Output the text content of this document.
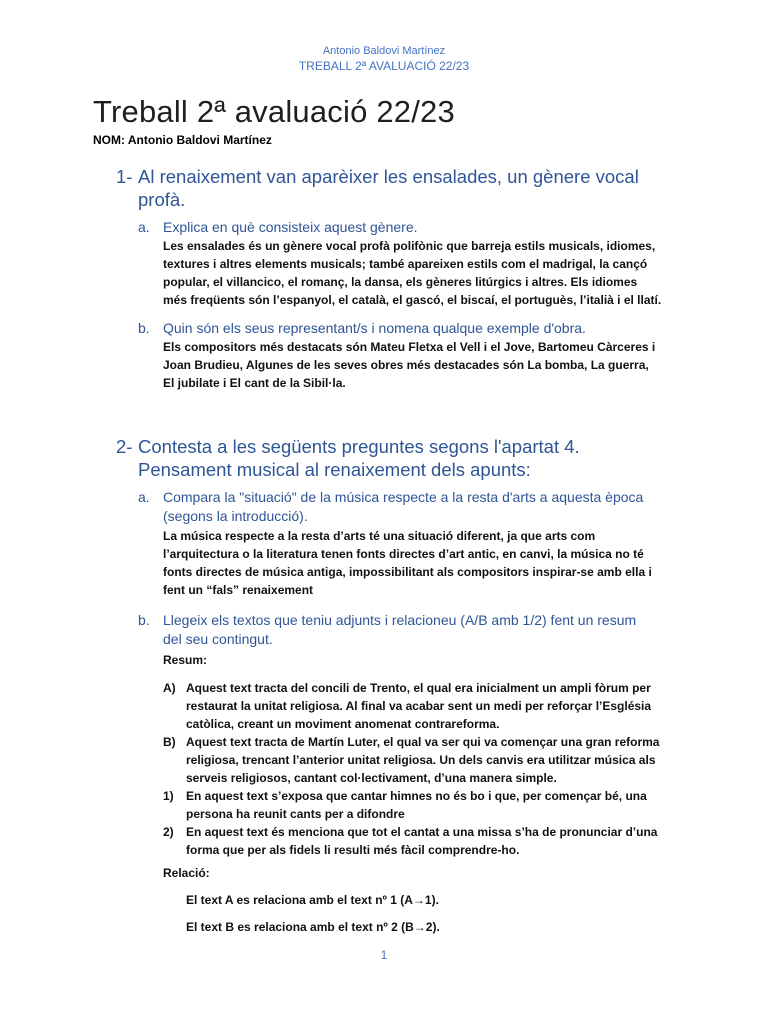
Antonio Baldovi Martínez
TREBALL 2ª AVALUACIÓ 22/23
Treball 2ª avaluació 22/23
NOM: Antonio Baldovi Martínez
1- Al renaixement van aparèixer les ensalades, un gènere vocal profà.
a. Explica en què consisteix aquest gènere.
Les ensalades és un gènere vocal profà polifònic que barreja estils musicals, idiomes, textures i altres elements musicals; també apareixen estils com el madrigal, la cançó popular, el villancico, el romanç, la dansa, els gèneres litúrgics i altres. Els idiomes més freqüents són l’espanyol, el català, el gascó, el biscaí, el portuguès, l’italià i el llatí.
b. Quin són els seus representant/s i nomena qualque exemple d'obra.
Els compositors més destacats són Mateu Fletxa el Vell i el Jove, Bartomeu Càrceres i Joan Brudieu, Algunes de les seves obres més destacades són La bomba, La guerra, El jubilate i El cant de la Sibil·la.
2- Contesta a les següents preguntes segons l'apartat 4. Pensament musical al renaixement dels apunts:
a. Compara la "situació" de la música respecte a la resta d'arts a aquesta època (segons la introducció).
La música respecte a la resta d’arts té una situació diferent, ja que arts com l’arquitectura o la literatura tenen fonts directes d’art antic, en canvi, la música no té fonts directes de música antiga, impossibilitant als compositors inspirar-se amb ella i fent un “fals” renaixement
b. Llegeix els textos que teniu adjunts i relacioneu (A/B amb 1/2) fent un resum del seu contingut.
Resum:
A) Aquest text tracta del concili de Trento, el qual era inicialment un ampli fòrum per restaurat la unitat religiosa. Al final va acabar sent un medi per reforçar l’Església catòlica, creant un moviment anomenat contrareforma.
B) Aquest text tracta de Martín Luter, el qual va ser qui va començar una gran reforma religiosa, trencant l’anterior unitat religiosa. Un dels canvis era utilitzar música als serveis religiosos, cantant col·lectivament, d’una manera simple.
1) En aquest text s’exposa que cantar himnes no és bo i que, per començar bé, una persona ha reunit cants per a difondre
2) En aquest text és menciona que tot el cantat a una missa s’ha de pronunciar d’una forma que per als fidels li resulti més fàcil comprendre-ho.
Relació:
El text A es relaciona amb el text nº 1 (A→1).
El text B es relaciona amb el text nº 2 (B→2).
1
